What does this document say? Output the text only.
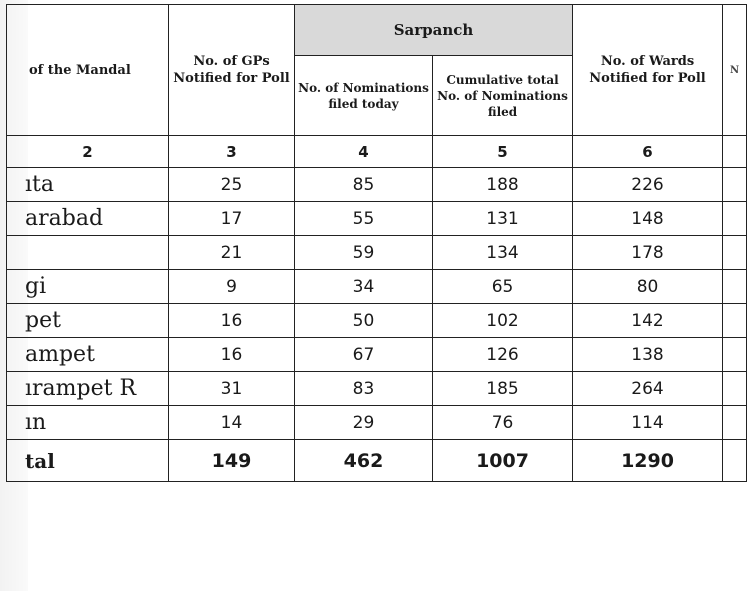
of the Mandal	No. of GPs Notified for Poll	Sarpanch		No. of Wards Notified for Poll	N
		No. of Nominations filed today	Cumulative total No. of Nominations filed		
2	3	4	5	6	
ıta	25	85	188	226	
arabad	17	55	131	148	
	21	59	134	178	
gi	9	34	65	80	
pet	16	50	102	142	
ampet	16	67	126	138	
ırampet R	31	83	185	264	
ın	14	29	76	114	
tal	149	462	1007	1290	
